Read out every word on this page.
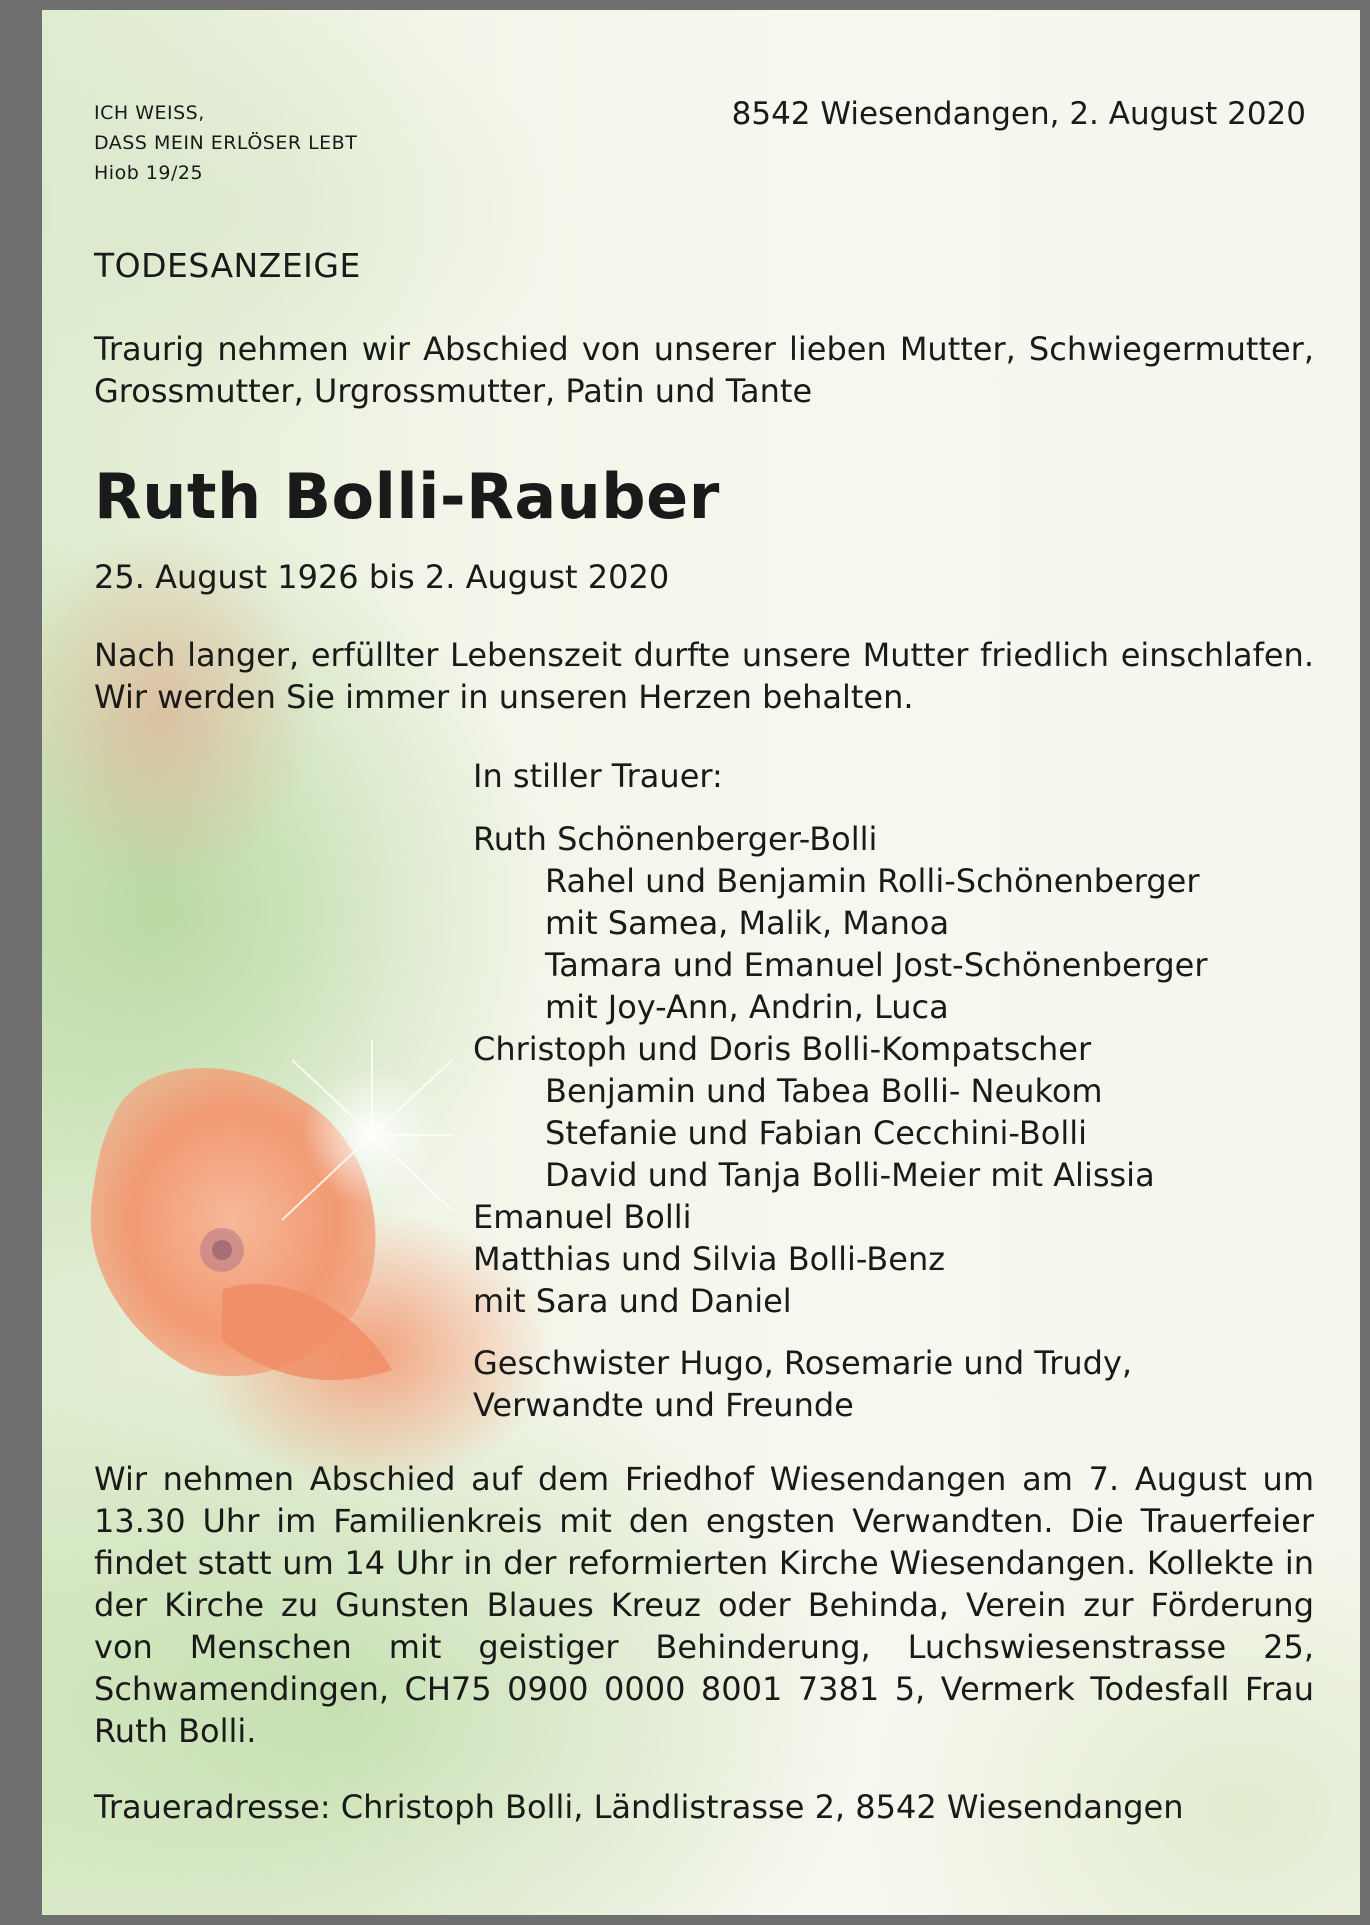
ICH WEISS,
DASS MEIN ERLÖSER LEBT
Hiob 19/25
8542 Wiesendangen, 2. August 2020
TODESANZEIGE

Traurig nehmen wir Abschied von unserer lieben Mutter, Schwiegermutter, Grossmutter, Urgrossmutter, Patin und Tante

Ruth Bolli-Rauber
25. August 1926 bis 2. August 2020

Nach langer, erfüllter Lebenszeit durfte unsere Mutter friedlich einschlafen. Wir werden Sie immer in unseren Herzen behalten.

In stiller Trauer:
Ruth Schönenberger-Bolli
Rahel und Benjamin Rolli-Schönenberger
mit Samea, Malik, Manoa
Tamara und Emanuel Jost-Schönenberger
mit Joy-Ann, Andrin, Luca
Christoph und Doris Bolli-Kompatscher
Benjamin und Tabea Bolli- Neukom
Stefanie und Fabian Cecchini-Bolli
David und Tanja Bolli-Meier mit Alissia
Emanuel Bolli
Matthias und Silvia Bolli-Benz
mit Sara und Daniel
Geschwister Hugo, Rosemarie und Trudy,
Verwandte und Freunde

Wir nehmen Abschied auf dem Friedhof Wiesendangen am 7. August um 13.30 Uhr im Familienkreis mit den engsten Verwandten. Die Trauerfeier findet statt um 14 Uhr in der reformierten Kirche Wiesendangen. Kollekte in der Kirche zu Gunsten Blaues Kreuz oder Behinda, Verein zur Förderung von Menschen mit geistiger Behinderung, Luchswiesenstrasse 25, Schwamendingen, CH75 0900 0000 8001 7381 5, Vermerk Todesfall Frau Ruth Bolli.

Traueradresse: Christoph Bolli, Ländlistrasse 2, 8542 Wiesendangen
